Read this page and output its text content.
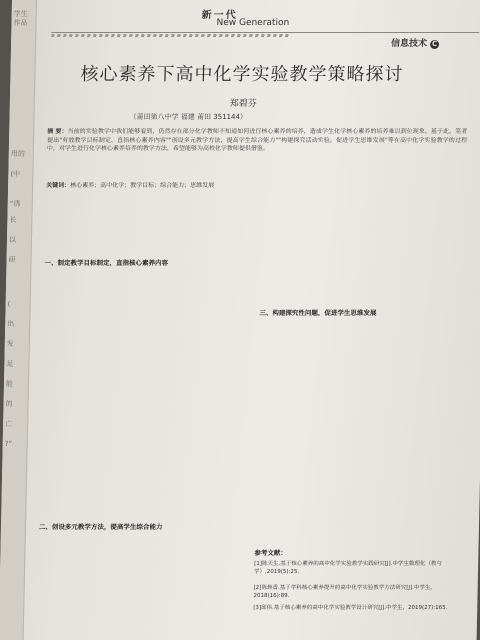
学生作品
用的
(中
“诱
长
以
研
(
出
发
足
能
的
亡
?”
新一代
New Generation
信息技术 C
核心素养下高中化学实验教学策略探讨
郑碧芬
（莆田第八中学 福建 莆田 351144）
摘 要：当前的实验教学中我们能够看到，仍然存在部分化学教师不知道如何进行核心素养的培养，造成学生化学核心素养的培养难以到位现象。基于此，笔者提出"有效教学目标制定，直指核心素养内容""创设多元教学方法，提高学生综合能力""构建探究活动实验，促进学生思维发展"等在高中化学实验教学的过程中，对学生进行化学核心素养培养的教学方法，希望能够为高校化学教师提供借鉴。
关键词：核心素养；高中化学；教学目标；综合能力；思维发展
一、制定教学目标制定，直指核心素养内容
二、创设多元教学方法，提高学生综合能力
三、构建探究性问题，促进学生思维发展
参考文献：
[1]陈天生.基于核心素养的高中化学实验教学实践研究[J].中学生数理化（教与学）,2019(5):25.
[2]陈焕香.基于学科核心素养提升的高中化学实验教学方法研究[J].中学生，2018(16):89.
[3]邱伟.基于核心素养的高中化学实验教学设计研究[J].中学生，2019(27):165.
